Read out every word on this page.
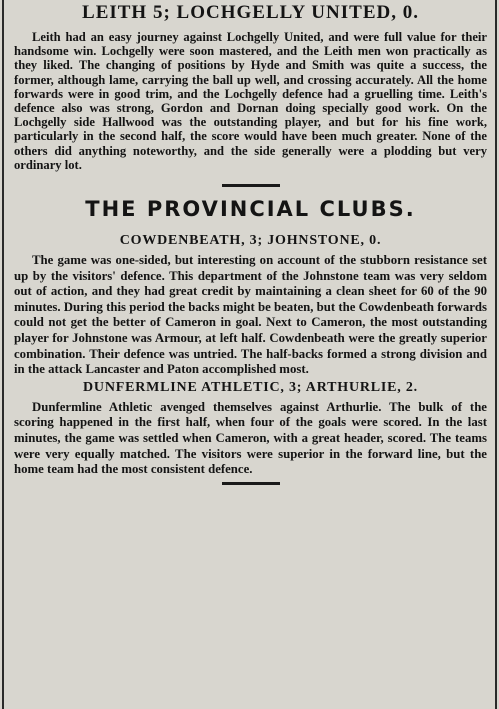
LEITH 5; LOCHGELLY UNITED, 0.

Leith had an easy journey against Lochgelly United, and were full value for their handsome win. Lochgelly were soon mastered, and the Leith men won practically as they liked. The changing of positions by Hyde and Smith was quite a success, the former, although lame, carrying the ball up well, and crossing accurately. All the home forwards were in good trim, and the Lochgelly defence had a gruelling time. Leith's defence also was strong, Gordon and Dornan doing specially good work. On the Lochgelly side Hallwood was the outstanding player, and but for his fine work, particularly in the second half, the score would have been much greater. None of the others did anything noteworthy, and the side generally were a plodding but very ordinary lot.

THE PROVINCIAL CLUBS.
COWDENBEATH, 3; JOHNSTONE, 0.

The game was one-sided, but interesting on account of the stubborn resistance set up by the visitors' defence. This department of the Johnstone team was very seldom out of action, and they had great credit by maintaining a clean sheet for 60 of the 90 minutes. During this period the backs might be beaten, but the Cowdenbeath forwards could not get the better of Cameron in goal. Next to Cameron, the most outstanding player for Johnstone was Armour, at left half. Cowdenbeath were the greatly superior combination. Their defence was untried. The half-backs formed a strong division and in the attack Lancaster and Paton accomplished most.

DUNFERMLINE ATHLETIC, 3; ARTHURLIE, 2.

Dunfermline Athletic avenged themselves against Arthurlie. The bulk of the scoring happened in the first half, when four of the goals were scored. In the last minutes, the game was settled when Cameron, with a great header, scored. The teams were very equally matched. The visitors were superior in the forward line, but the home team had the most consistent defence.
